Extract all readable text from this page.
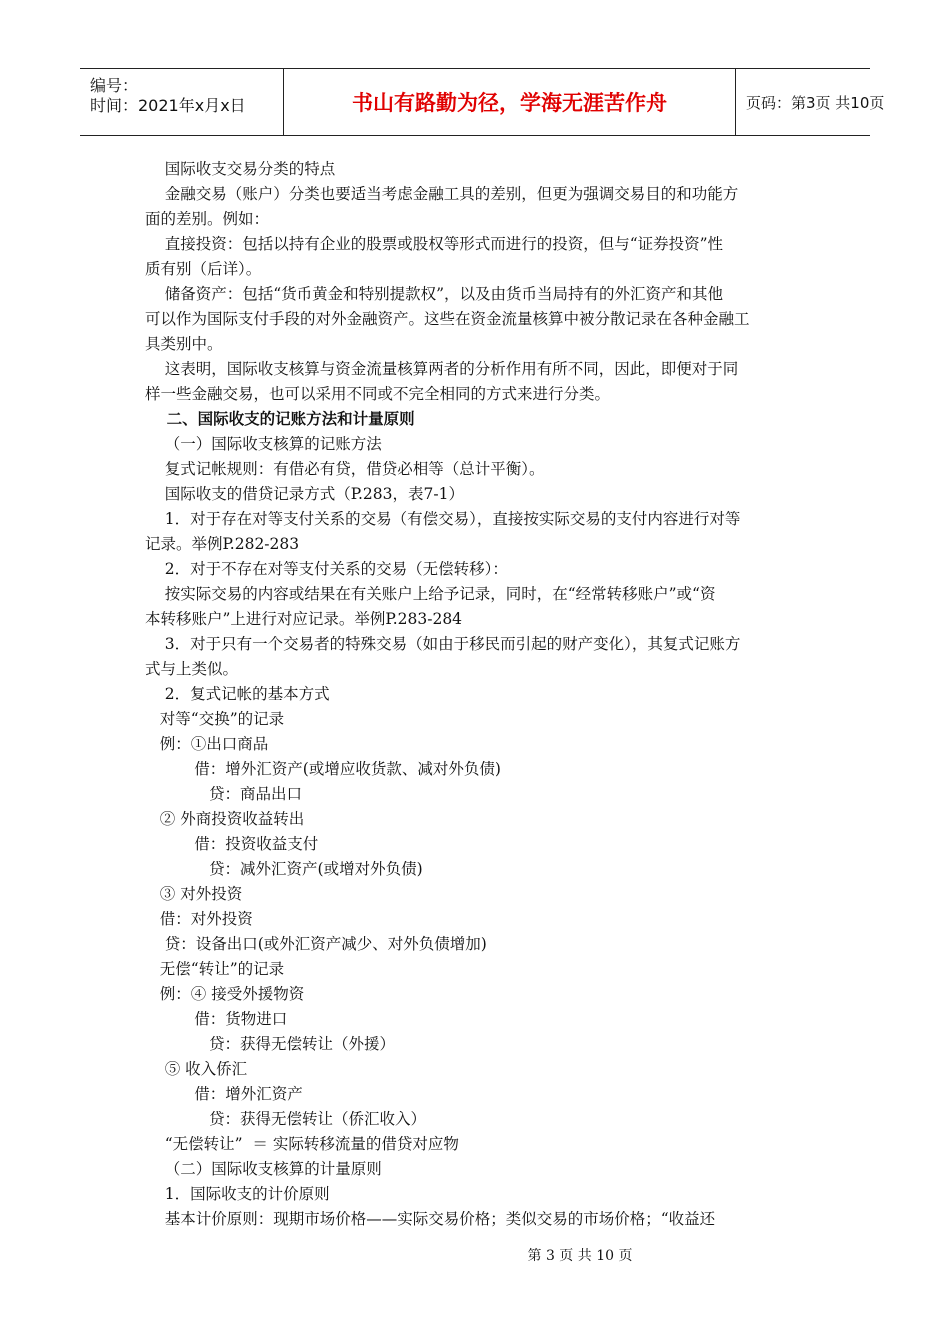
编号：
时间：2021年x月x日	书山有路勤为径，学海无涯苦作舟	页码：第3页 共10页

国际收支交易分类的特点

金融交易（账户）分类也要适当考虑金融工具的差别，但更为强调交易目的和功能方

面的差别。例如：

直接投资：包括以持有企业的股票或股权等形式而进行的投资，但与“证券投资”性

质有别（后详）。

储备资产：包括“货币黄金和特别提款权”，以及由货币当局持有的外汇资产和其他

可以作为国际支付手段的对外金融资产。这些在资金流量核算中被分散记录在各种金融工

具类别中。

这表明，国际收支核算与资金流量核算两者的分析作用有所不同，因此，即便对于同

样一些金融交易，也可以采用不同或不完全相同的方式来进行分类。

二、国际收支的记账方法和计量原则

（一）国际收支核算的记账方法

复式记帐规则：有借必有贷，借贷必相等（总计平衡）。

国际收支的借贷记录方式（P.283，表7-1）

1．对于存在对等支付关系的交易（有偿交易），直接按实际交易的支付内容进行对等

记录。举例P.282-283

2．对于不存在对等支付关系的交易（无偿转移）：

按实际交易的内容或结果在有关账户上给予记录，同时，在“经常转移账户”或“资

本转移账户”上进行对应记录。举例P.283-284

3．对于只有一个交易者的特殊交易（如由于移民而引起的财产变化），其复式记账方

式与上类似。

2．复式记帐的基本方式

对等“交换”的记录

例：①出口商品

借：增外汇资产(或增应收货款、减对外负债)

贷：商品出口

② 外商投资收益转出

借：投资收益支付

贷：减外汇资产(或增对外负债)

③ 对外投资

借：对外投资

贷：设备出口(或外汇资产减少、对外负债增加)

无偿“转让”的记录

例：④ 接受外援物资

借：货物进口

贷：获得无偿转让（外援）

⑤ 收入侨汇

借：增外汇资产

贷：获得无偿转让（侨汇收入）

“无偿转让”  ＝ 实际转移流量的借贷对应物

（二）国际收支核算的计量原则

1．国际收支的计价原则

基本计价原则：现期市场价格——实际交易价格；类似交易的市场价格；“收益还

第 3 页 共 10 页
